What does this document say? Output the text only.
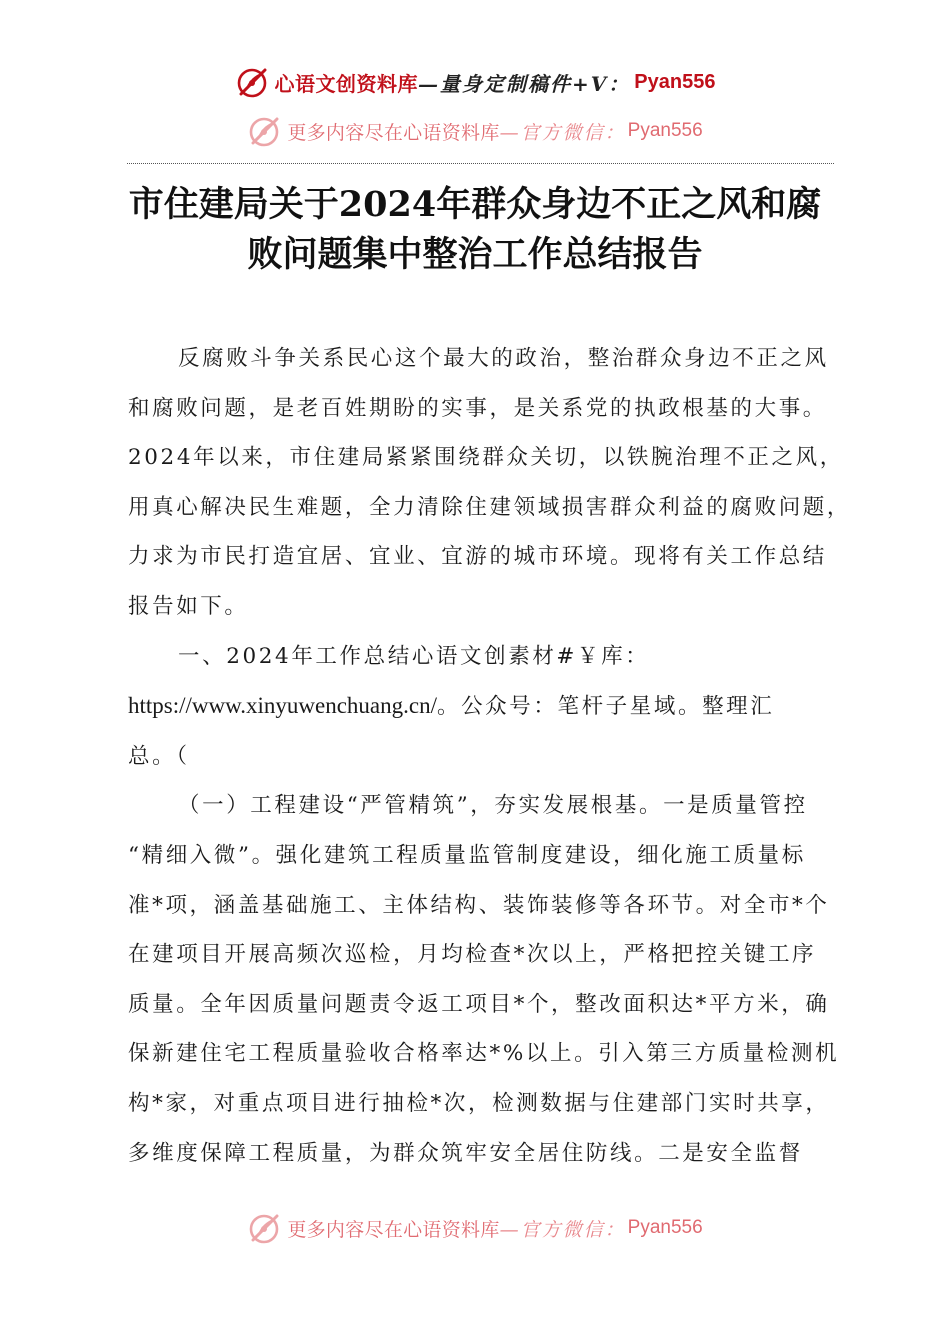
心语文创资料库 —量身定制稿件+V： Pyan556
更多内容尽在心语资料库 —官方微信： Pyan556
市住建局关于2024年群众身边不正之风和腐
败问题集中整治工作总结报告
反腐败斗争关系民心这个最大的政治，整治群众身边不正之风
和腐败问题，是老百姓期盼的实事，是关系党的执政根基的大事。
2024年以来，市住建局紧紧围绕群众关切，以铁腕治理不正之风，
用真心解决民生难题，全力清除住建领域损害群众利益的腐败问题，
力求为市民打造宜居、宜业、宜游的城市环境。现将有关工作总结
报告如下。
一、2024年工作总结心语文创素材#￥库：
https://www.xinyuwenchuang.cn/。公众号：笔杆子星域。整理汇
总。（
（一）工程建设“严管精筑”，夯实发展根基。一是质量管控
“精细入微”。强化建筑工程质量监管制度建设，细化施工质量标
准*项，涵盖基础施工、主体结构、装饰装修等各环节。对全市*个
在建项目开展高频次巡检，月均检查*次以上，严格把控关键工序
质量。全年因质量问题责令返工项目*个，整改面积达*平方米，确
保新建住宅工程质量验收合格率达*%以上。引入第三方质量检测机
构*家，对重点项目进行抽检*次，检测数据与住建部门实时共享，
多维度保障工程质量，为群众筑牢安全居住防线。二是安全监督
更多内容尽在心语资料库 —官方微信： Pyan556
